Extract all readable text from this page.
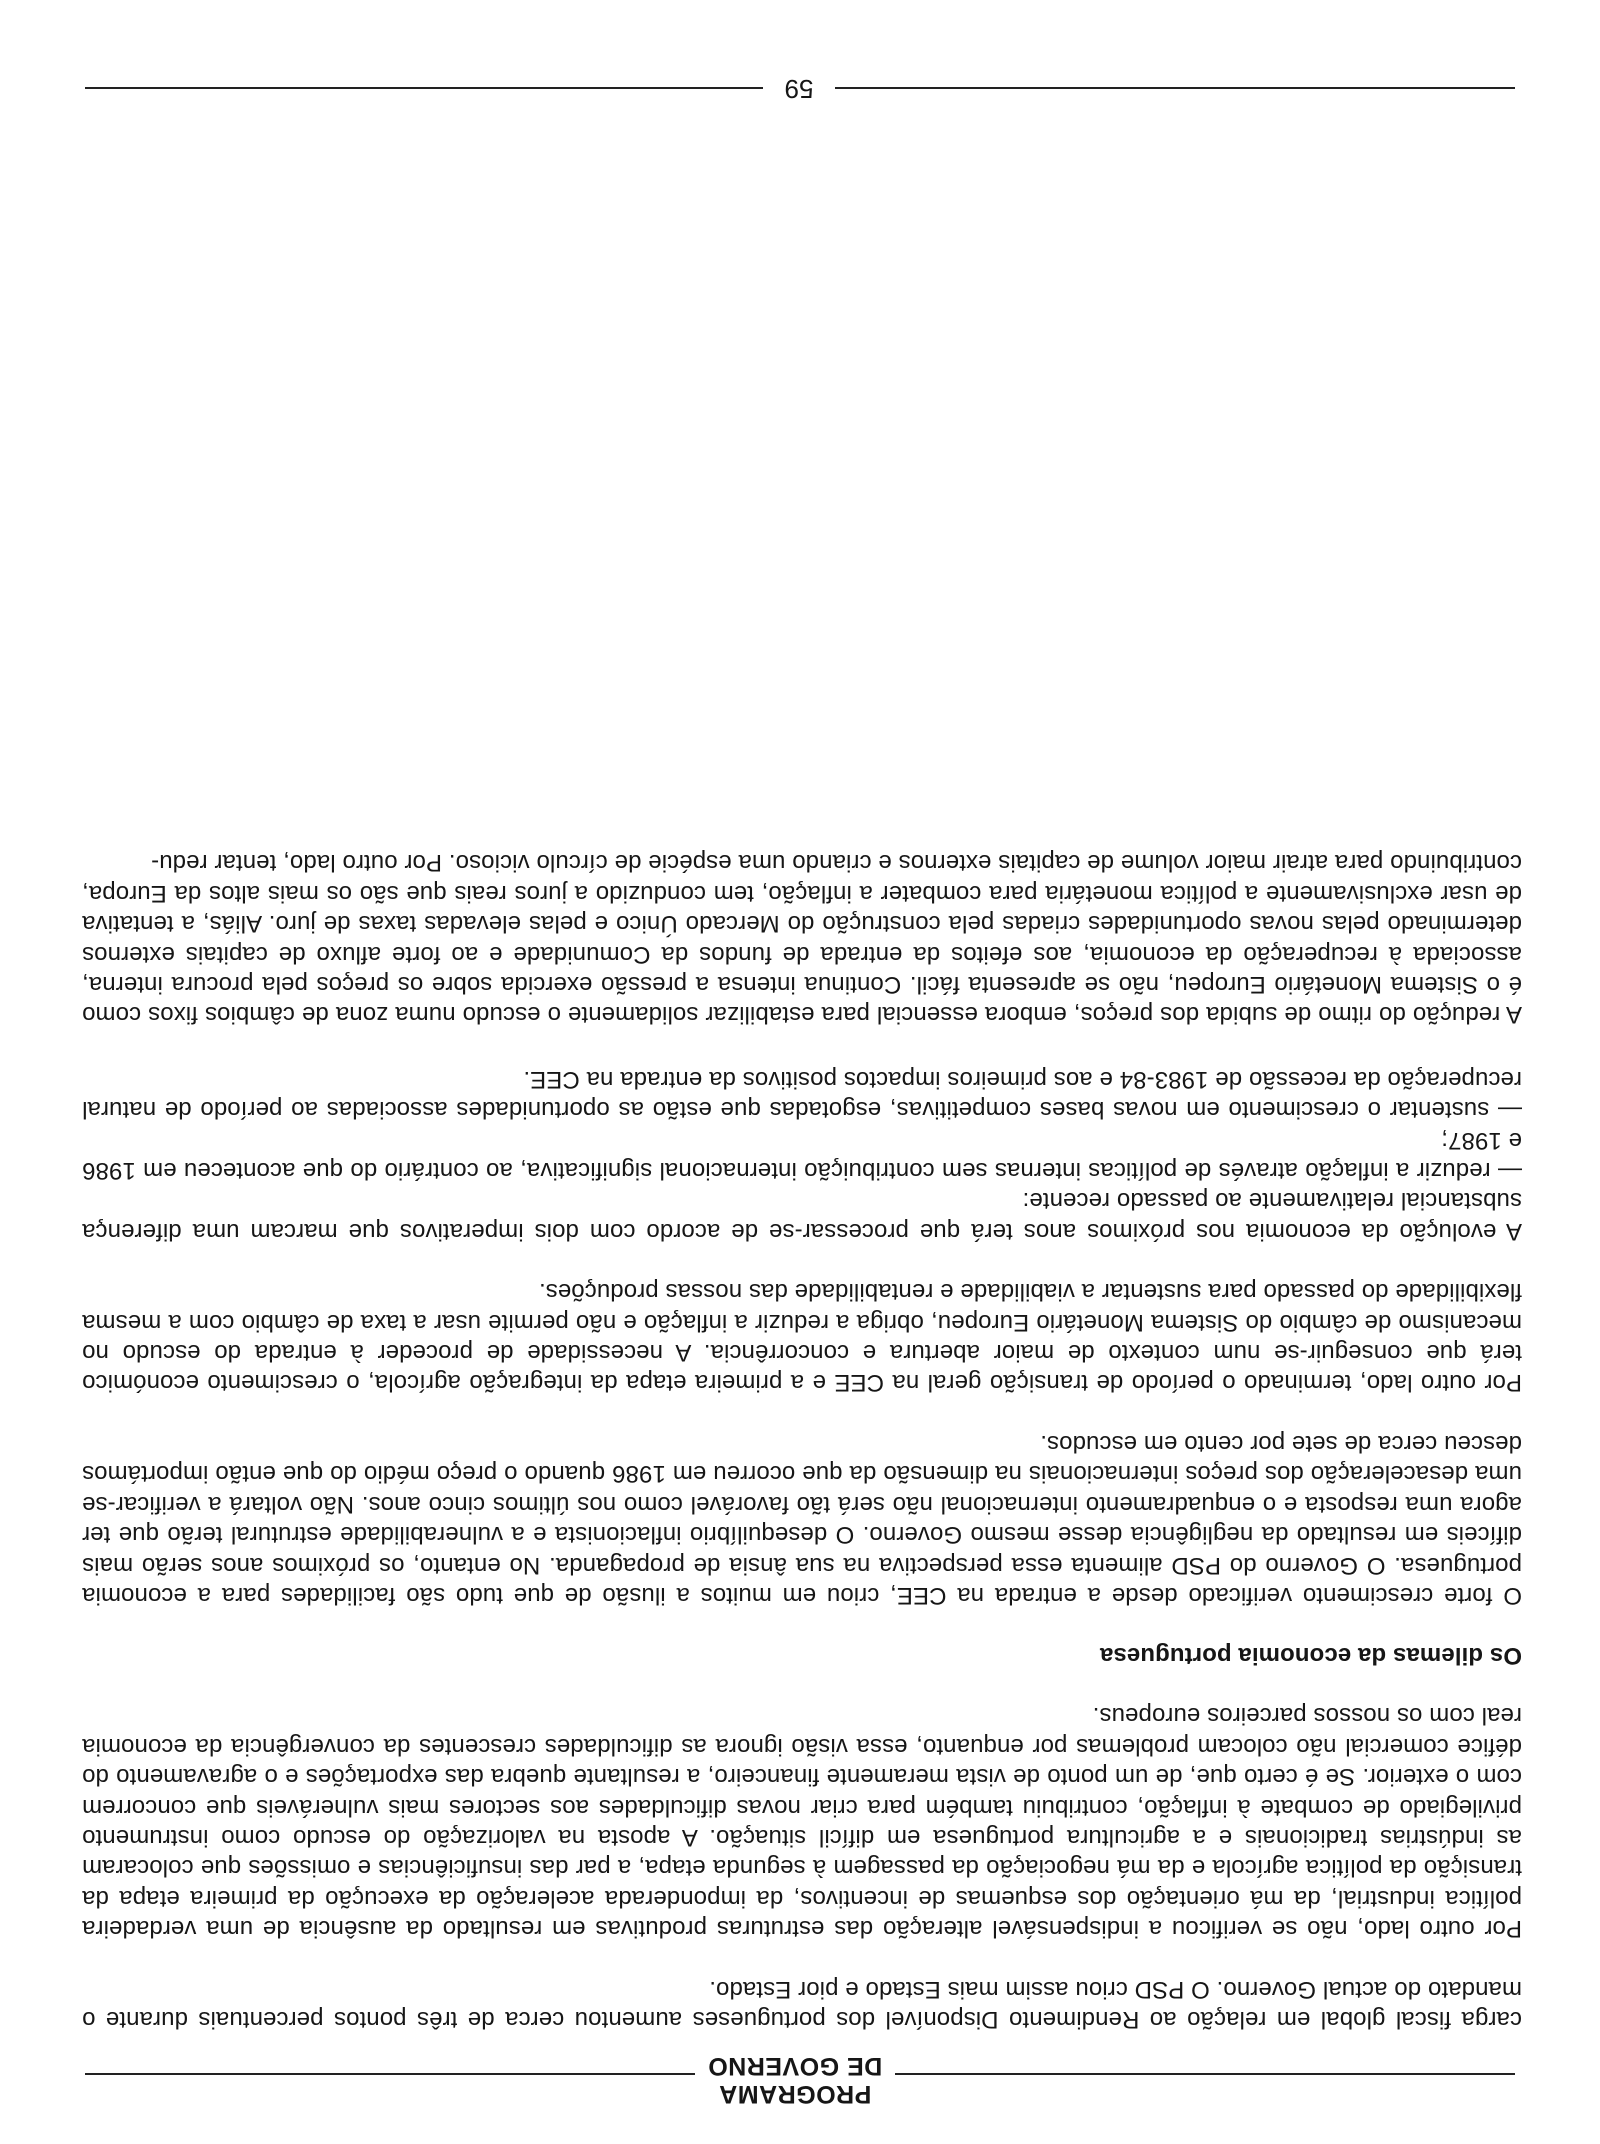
PROGRAMA
DE GOVERNO

carga fiscal global em relação ao Rendimento Disponível dos portugueses aumentou cerca de três pontos percentuais durante o mandato do actual Governo. O PSD criou assim mais Estado e pior Estado.

Por outro lado, não se verificou a indispensável alteração das estruturas produtivas em resultado da ausência de uma verdadeira política industrial, da má orientação dos esquemas de incentivos, da imponderada aceleração da execução da primeira etapa da transição da política agrícola e da má negociação da passagem à segunda etapa, a par das insuficiências e omissões que colocaram as indústrias tradicionais e a agricultura portuguesa em difícil situação. A aposta na valorização do escudo como instrumento privilegiado de combate à inflação, contribuiu também para criar novas dificuldades aos sectores mais vulneráveis que concorrem com o exterior. Se é certo que, de um ponto de vista meramente financeiro, a resultante quebra das exportações e o agravamento do défice comercial não colocam problemas por enquanto, essa visão ignora as dificuldades crescentes da convergência da economia real com os nossos parceiros europeus.

Os dilemas da economia portuguesa

O forte crescimento verificado desde a entrada na CEE, criou em muitos a ilusão de que tudo são facilidades para a economia portuguesa. O Governo do PSD alimenta essa perspectiva na sua ânsia de propaganda. No entanto, os próximos anos serão mais difíceis em resultado da negligência desse mesmo Governo. O desequilíbrio inflacionista e a vulnerabilidade estrutural terão que ter agora uma resposta e o enquadramento internacional não será tão favorável como nos últimos cinco anos. Não voltará a verificar-se uma desaceleração dos preços internacionais na dimensão da que ocorreu em 1986 quando o preço médio do que então importámos desceu cerca de sete por cento em escudos.

Por outro lado, terminado o período de transição geral na CEE e a primeira etapa da integração agrícola, o crescimento económico terá que conseguir-se num contexto de maior abertura e concorrência. A necessidade de proceder à entrada do escudo no mecanismo de câmbio do Sistema Monetário Europeu, obriga a reduzir a inflação e não permite usar a taxa de câmbio com a mesma flexibilidade do passado para sustentar a viabilidade e rentabilidade das nossas produções.

A evolução da economia nos próximos anos terá que processar-se de acordo com dois imperativos que marcam uma diferença substancial relativamente ao passado recente:

— reduzir a inflação através de políticas internas sem contribuição internacional significativa, ao contrário do que aconteceu em 1986 e 1987;

— sustentar o crescimento em novas bases competitivas, esgotadas que estão as oportunidades associadas ao período de natural recuperação da recessão de 1983-84 e aos primeiros impactos positivos da entrada na CEE.

A redução do ritmo de subida dos preços, embora essencial para estabilizar solidamente o escudo numa zona de câmbios fixos como é o Sistema Monetário Europeu, não se apresenta fácil. Continua intensa a pressão exercida sobre os preços pela procura interna, associada à recuperação da economia, aos efeitos da entrada de fundos da Comunidade e ao forte afluxo de capitais externos determinado pelas novas oportunidades criadas pela construção do Mercado Único e pelas elevadas taxas de juro. Aliás, a tentativa de usar exclusivamente a política monetária para combater a inflação, tem conduzido a juros reais que são os mais altos da Europa, contribuindo para atrair maior volume de capitais externos e criando uma espécie de círculo vicioso. Por outro lado, tentar redu-

59
